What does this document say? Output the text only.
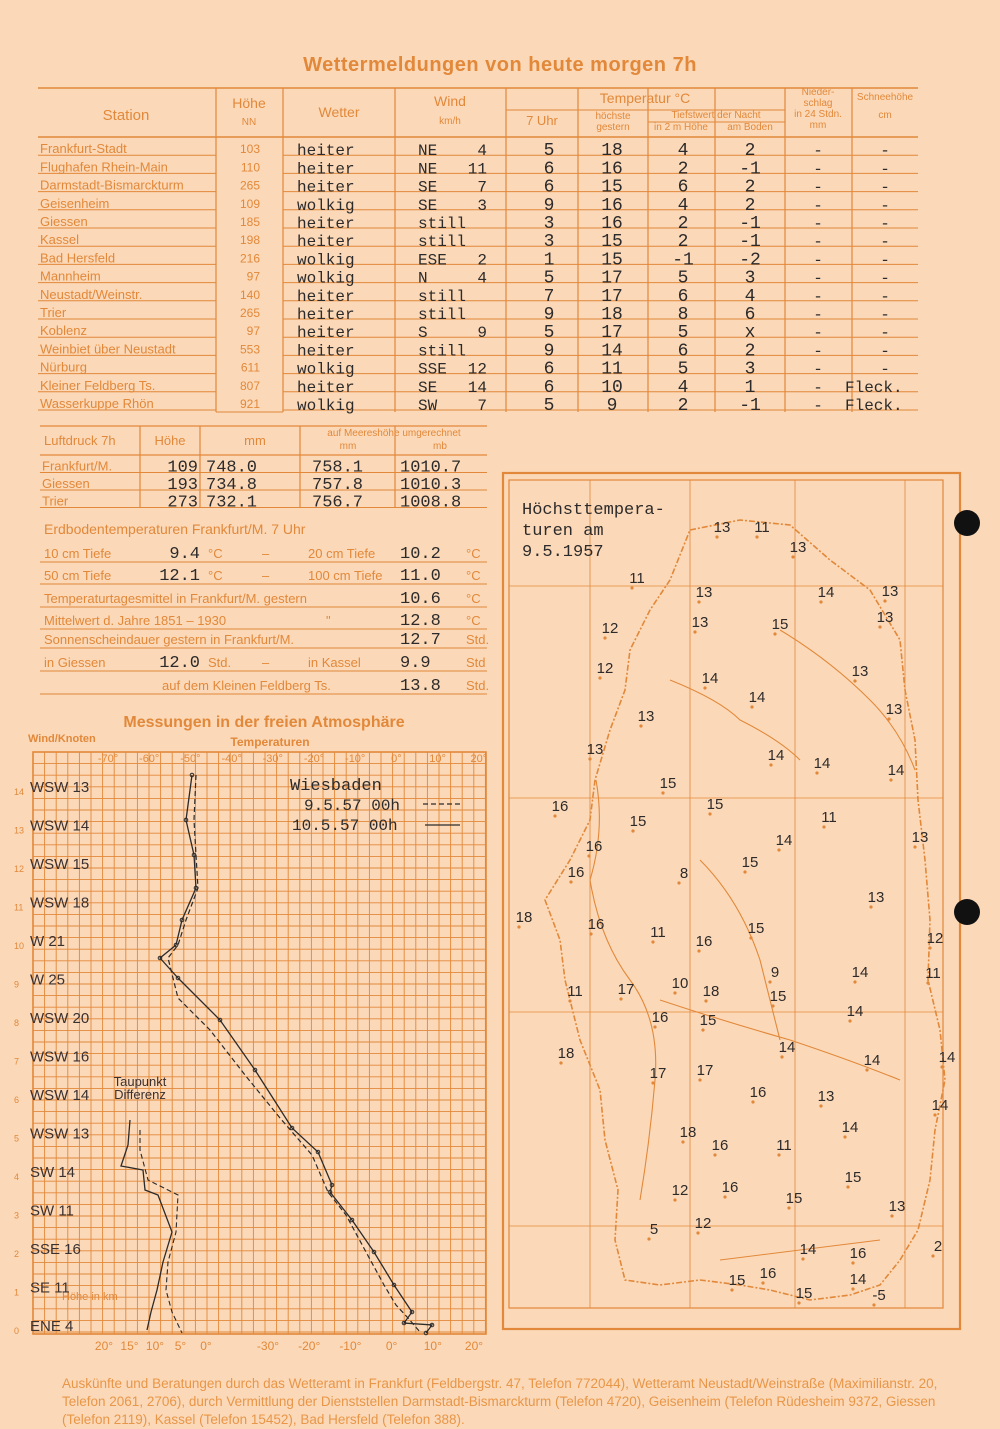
Wettermeldungen von heute morgen 7h
Station
Höhe
NN
Wetter
Wind
km/h
Temperatur °C
7 Uhr	höchste
gestern
Tiefstwert der Nacht
in 2 m Höhe am Boden
Nieder-
schlag
in 24 Stdn.
mm
Schneehöhe
cm
Frankfurt-Stadt	103 heiter	NE	4	5	18	4	2	-	-
Flughafen Rhein-Main	110 heiter	NE 11	6	16	2	-1	-	-
Darmstadt-Bismarckturm	265 heiter	SE	7	6	15	6	2	-	-
Geisenheim	109 wolkig	SE	3	9	16	4	2	-	-
Giessen	185 heiter	still	3	16	2	-1	-	-
Kassel	198 heiter	still	3	15	2	-1	-	-
Bad Hersfeld	216 wolkig	ESE 2	1	15	-1	-2	-	-
Mannheim	97 wolkig	N	4	5	17	5	3	-	-
Neustadt/Weinstr.	140 heiter	still	7	17	6	4	-	-
Trier	265 heiter	still	9	18	8	6	-	-
Koblenz	97 heiter	S	9	5	17	5	x	-	-
Weinbiet über Neustadt	553 heiter	still	9	14	6	2	-	-
Nürburg	611 wolkig	SSE 12	6	11	5	3	-	-
Kleiner Feldberg Ts.	807 heiter	SE 14	6	10	4	1	- Fleck.
Wasserkuppe Rhön	921 wolkig	SW	7	5	9	2	-1	- Fleck.
Luftdruck 7h	Höhe	mm	auf Meereshöhe umgerechnet
mm	mb
Frankfurt/M.	109 748.0	758.1 1010.7
Giessen	193 734.8	757.8 1010.3
Trier	273 732.1	756.7 1008.8
Erdbodentemperaturen Frankfurt/M. 7 Uhr
10 cm Tiefe	9.4 °C	–	20 cm Tiefe 10.2 °C
50 cm Tiefe	12.1 °C	–	100 cm Tiefe 11.0 °C
Temperaturtagesmittel in Frankfurt/M. gestern	10.6 °C
Mittelwert d. Jahre 1851 – 1930	"	12.8 °C
Sonnenscheindauer gestern in Frankfurt/M.	12.7 Std.
in Giessen	12.0 Std. –	in Kassel 9.9	Std
auf dem Kleinen Feldberg Ts.	13.8 Std.
Messungen in der freien Atmosphäre
Wind/Knoten	Temperaturen
-70° -60° -50° -40° -30° -20° -10° 0°	10° 20°
20° 15° 10° 5° 0°	-30° -20° -10° 0° 10° 20°
14
13
12
11
10
9
8
7
6
5
4
3
2
1
0
WSW 13
WSW 14
WSW 15
WSW 18
W 21
W 25
WSW 20
WSW 16
WSW 14
WSW 13
SW 14
SW 11
SSE 16
SE 11
ENE 4
Höhe in km
Wiesbaden
9.5.57 00h
10.5.57 00h
Taupunkt
Differenz
13 11
13
11
13	14	13
12	13	15	13
12
14
14
13
13	13
13	14 14	14
15
16	15
15	11
14	13
16
15
16	8
13
18	16	11
16
15
12
9	14	11
10 18
11 17	15
14
16 15
14
18	14	14
17 17
16	13
14
18	14
16	11
15
12 16
15	13
5 12
14 16	2
15 16	14
15	-5
Höchsttempera-
turen am
9.5.1957
Auskünfte und Beratungen durch das Wetteramt in Frankfurt (Feldbergstr. 47, Telefon 772044), Wetteramt Neustadt/Weinstraße (Maximilianstr. 20, Telefon 2061, 2706), durch Vermittlung der Dienststellen Darmstadt-Bismarckturm (Telefon 4720), Geisenheim (Telefon Rüdesheim 9372, Giessen (Telefon 2119), Kassel (Telefon 15452), Bad Hersfeld (Telefon 388).
